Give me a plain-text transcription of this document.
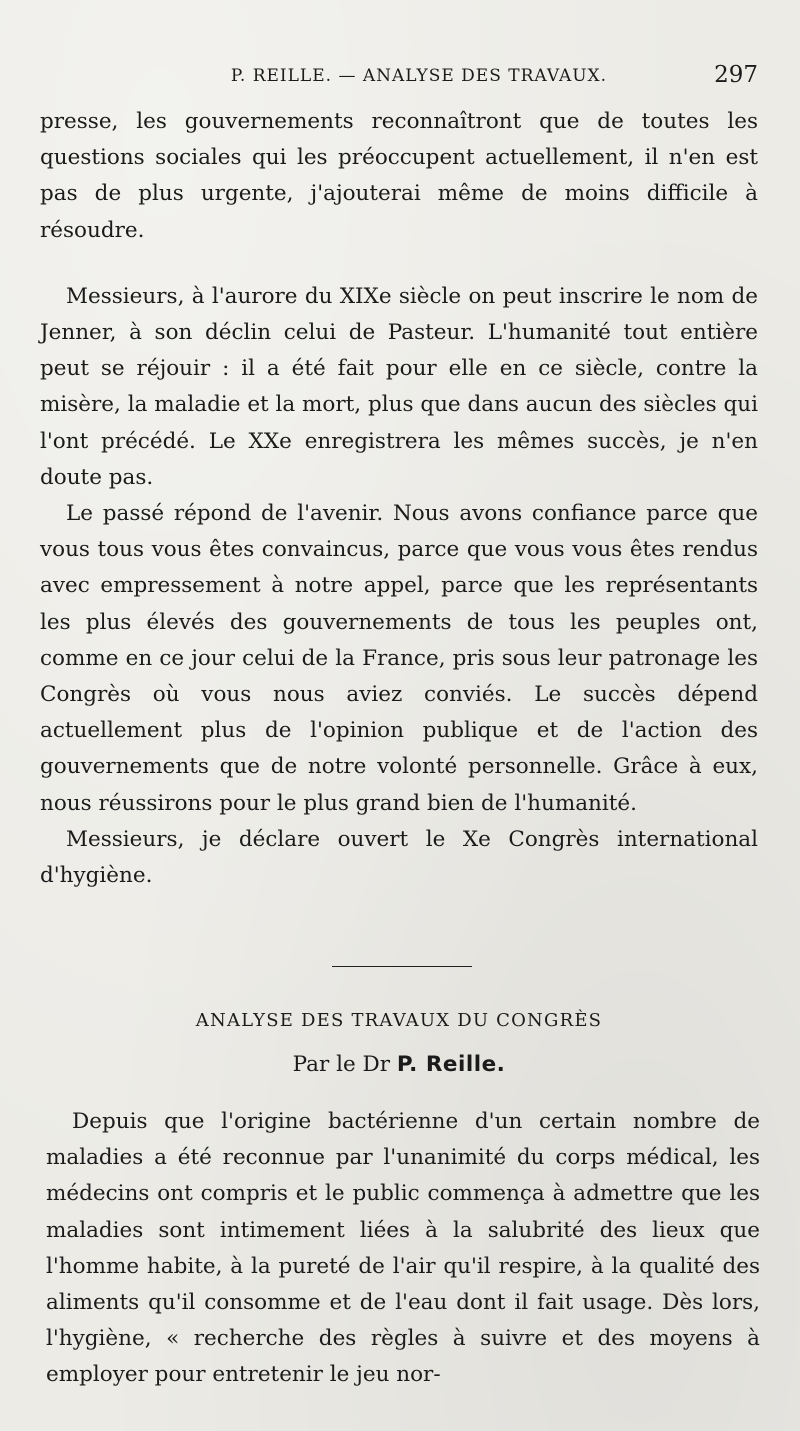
P. REILLE. — ANALYSE DES TRAVAUX.	297

presse, les gouvernements reconnaîtront que de toutes les questions sociales qui les préoccupent actuellement, il n'en est pas de plus urgente, j'ajouterai même de moins difficile à résoudre.

Messieurs, à l'aurore du XIXe siècle on peut inscrire le nom de Jenner, à son déclin celui de Pasteur. L'humanité tout entière peut se réjouir : il a été fait pour elle en ce siècle, contre la misère, la maladie et la mort, plus que dans aucun des siècles qui l'ont précédé. Le XXe enregistrera les mêmes succès, je n'en doute pas.

Le passé répond de l'avenir. Nous avons confiance parce que vous tous vous êtes convaincus, parce que vous vous êtes rendus avec empressement à notre appel, parce que les représentants les plus élevés des gouvernements de tous les peuples ont, comme en ce jour celui de la France, pris sous leur patronage les Congrès où vous nous aviez conviés. Le succès dépend actuellement plus de l'opinion publique et de l'action des gouvernements que de notre volonté personnelle. Grâce à eux, nous réussirons pour le plus grand bien de l'humanité.

Messieurs, je déclare ouvert le Xe Congrès international d'hygiène.

ANALYSE DES TRAVAUX DU CONGRÈS
Par le Dr P. Reille.

Depuis que l'origine bactérienne d'un certain nombre de maladies a été reconnue par l'unanimité du corps médical, les médecins ont compris et le public commença à admettre que les maladies sont intimement liées à la salubrité des lieux que l'homme habite, à la pureté de l'air qu'il respire, à la qualité des aliments qu'il consomme et de l'eau dont il fait usage. Dès lors, l'hygiène, « recherche des règles à suivre et des moyens à employer pour entretenir le jeu nor-
